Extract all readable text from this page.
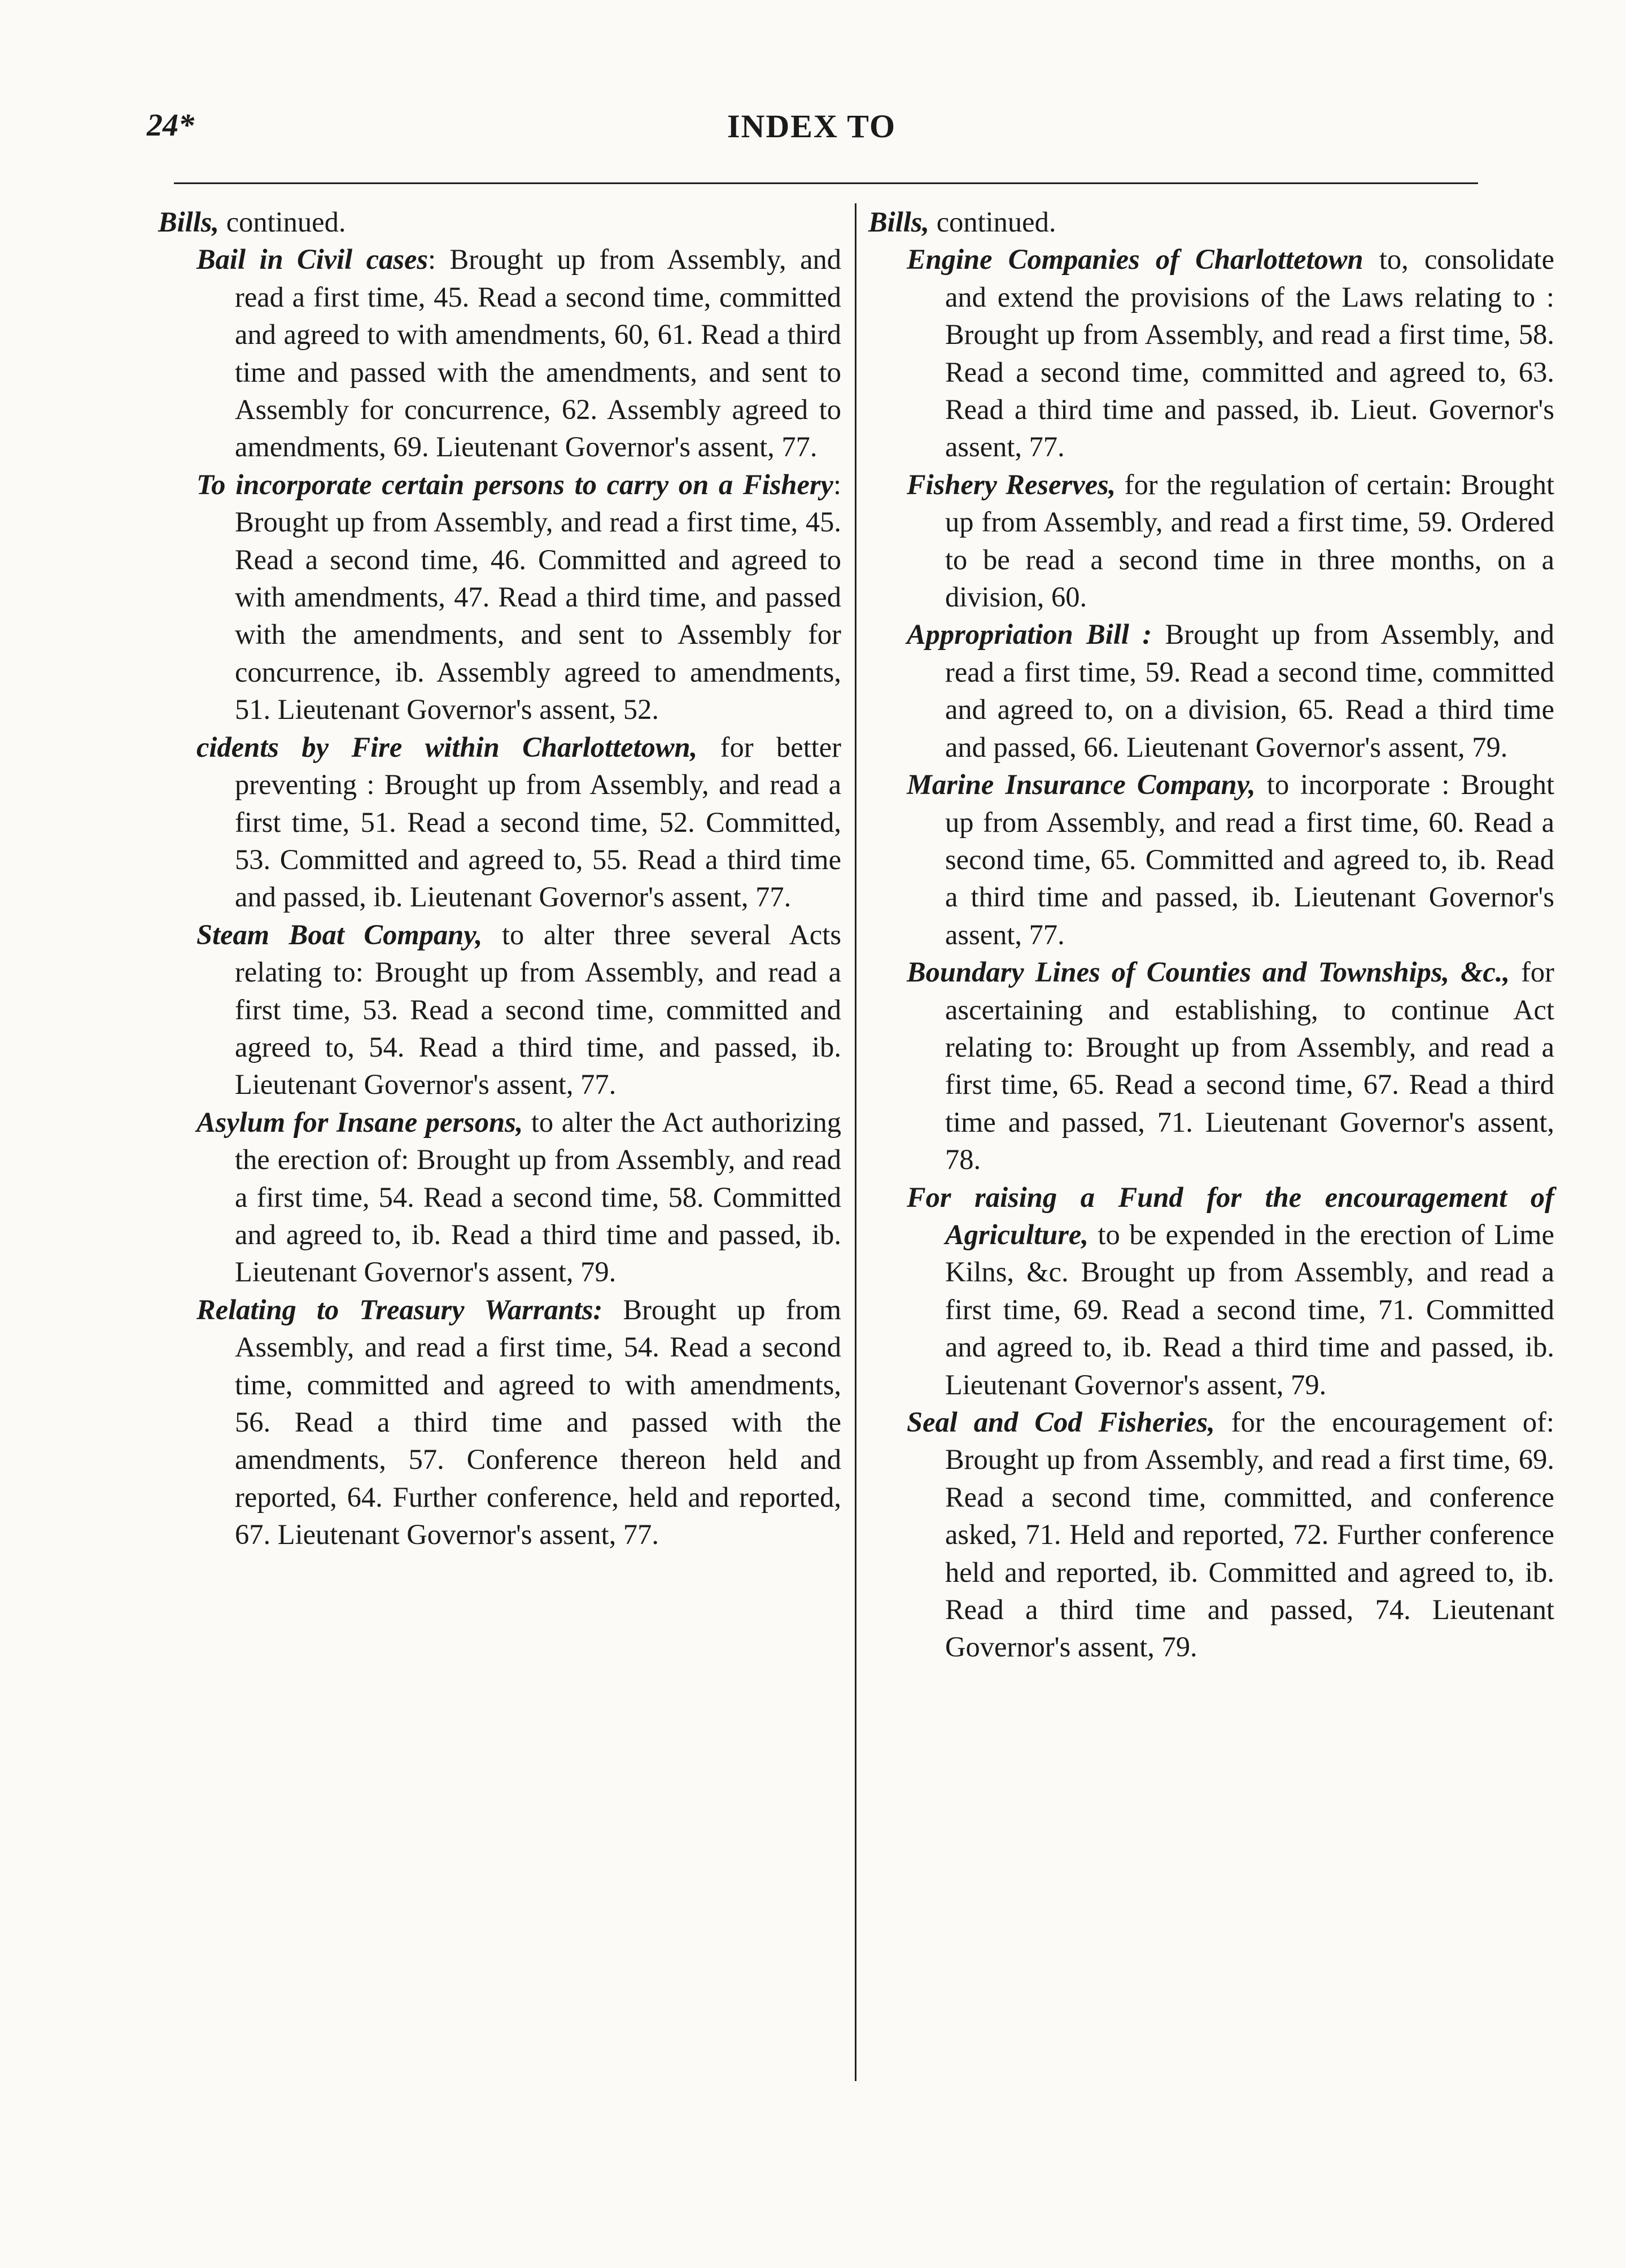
24*	INDEX TO
Bills, continued.

Bail in Civil cases: Brought up from Assembly, and read a first time, 45. Read a second time, committed and agreed to with amendments, 60, 61. Read a third time and passed with the amendments, and sent to Assembly for concurrence, 62. Assembly agreed to amendments, 69. Lieutenant Governor's assent, 77.

To incorporate certain persons to carry on a Fishery: Brought up from Assembly, and read a first time, 45. Read a second time, 46. Committed and agreed to with amendments, 47. Read a third time, and passed with the amendments, and sent to Assembly for concurrence, ib. Assembly agreed to amendments, 51. Lieutenant Governor's assent, 52.

cidents by Fire within Charlottetown, for better preventing : Brought up from Assembly, and read a first time, 51. Read a second time, 52. Committed, 53. Committed and agreed to, 55. Read a third time and passed, ib. Lieutenant Governor's assent, 77.

Steam Boat Company, to alter three several Acts relating to: Brought up from Assembly, and read a first time, 53. Read a second time, committed and agreed to, 54. Read a third time, and passed, ib. Lieutenant Governor's assent, 77.

Asylum for Insane persons, to alter the Act authorizing the erection of: Brought up from Assembly, and read a first time, 54. Read a second time, 58. Committed and agreed to, ib. Read a third time and passed, ib. Lieutenant Governor's assent, 79.

Relating to Treasury Warrants: Brought up from Assembly, and read a first time, 54. Read a second time, committed and agreed to with amendments, 56. Read a third time and passed with the amendments, 57. Conference thereon held and reported, 64. Further conference, held and reported, 67. Lieutenant Governor's assent, 77.

Bills, continued.

Engine Companies of Charlottetown to, consolidate and extend the provisions of the Laws relating to : Brought up from Assembly, and read a first time, 58. Read a second time, committed and agreed to, 63. Read a third time and passed, ib. Lieut. Governor's assent, 77.

Fishery Reserves, for the regulation of certain: Brought up from Assembly, and read a first time, 59. Ordered to be read a second time in three months, on a division, 60.

Appropriation Bill : Brought up from Assembly, and read a first time, 59. Read a second time, committed and agreed to, on a division, 65. Read a third time and passed, 66. Lieutenant Governor's assent, 79.

Marine Insurance Company, to incorporate : Brought up from Assembly, and read a first time, 60. Read a second time, 65. Committed and agreed to, ib. Read a third time and passed, ib. Lieutenant Governor's assent, 77.

Boundary Lines of Counties and Townships, &c., for ascertaining and establishing, to continue Act relating to: Brought up from Assembly, and read a first time, 65. Read a second time, 67. Read a third time and passed, 71. Lieutenant Governor's assent, 78.

For raising a Fund for the encouragement of Agriculture, to be expended in the erection of Lime Kilns, &c. Brought up from Assembly, and read a first time, 69. Read a second time, 71. Committed and agreed to, ib. Read a third time and passed, ib. Lieutenant Governor's assent, 79.

Seal and Cod Fisheries, for the encouragement of: Brought up from Assembly, and read a first time, 69. Read a second time, committed, and conference asked, 71. Held and reported, 72. Further conference held and reported, ib. Committed and agreed to, ib. Read a third time and passed, 74. Lieutenant Governor's assent, 79.
